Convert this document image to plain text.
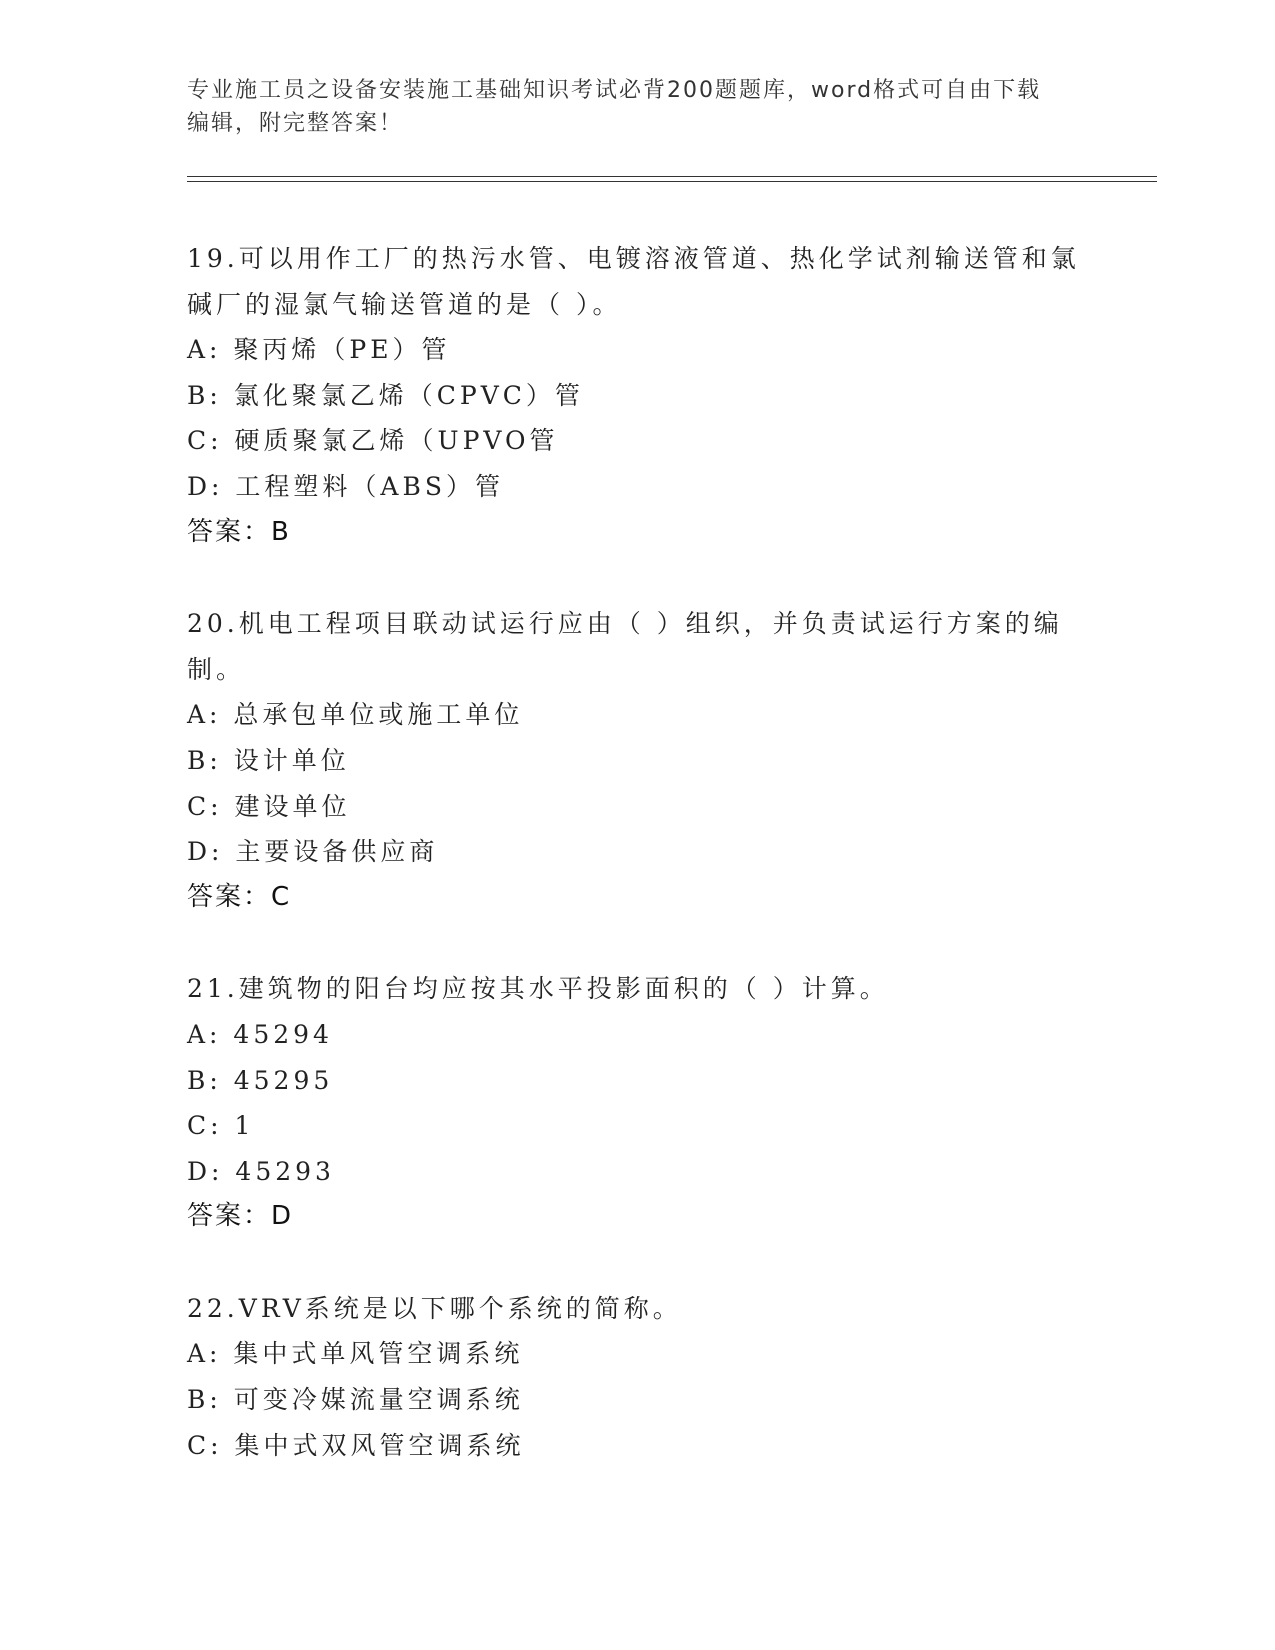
专业施工员之设备安装施工基础知识考试必背200题题库，word格式可自由下载
编辑，附完整答案！
19.可以用作工厂的热污水管、电镀溶液管道、热化学试剂输送管和氯
碱厂的湿氯气输送管道的是（ ）。
A: 聚丙烯（PE）管
B: 氯化聚氯乙烯（CPVC）管
C: 硬质聚氯乙烯（UPVO管
D: 工程塑料（ABS）管
答案：B
20.机电工程项目联动试运行应由（ ）组织，并负责试运行方案的编
制。
A: 总承包单位或施工单位
B: 设计单位
C: 建设单位
D: 主要设备供应商
答案：C
21.建筑物的阳台均应按其水平投影面积的（ ）计算。
A: 45294
B: 45295
C: 1
D: 45293
答案：D
22.VRV系统是以下哪个系统的简称。
A: 集中式单风管空调系统
B: 可变冷媒流量空调系统
C: 集中式双风管空调系统
